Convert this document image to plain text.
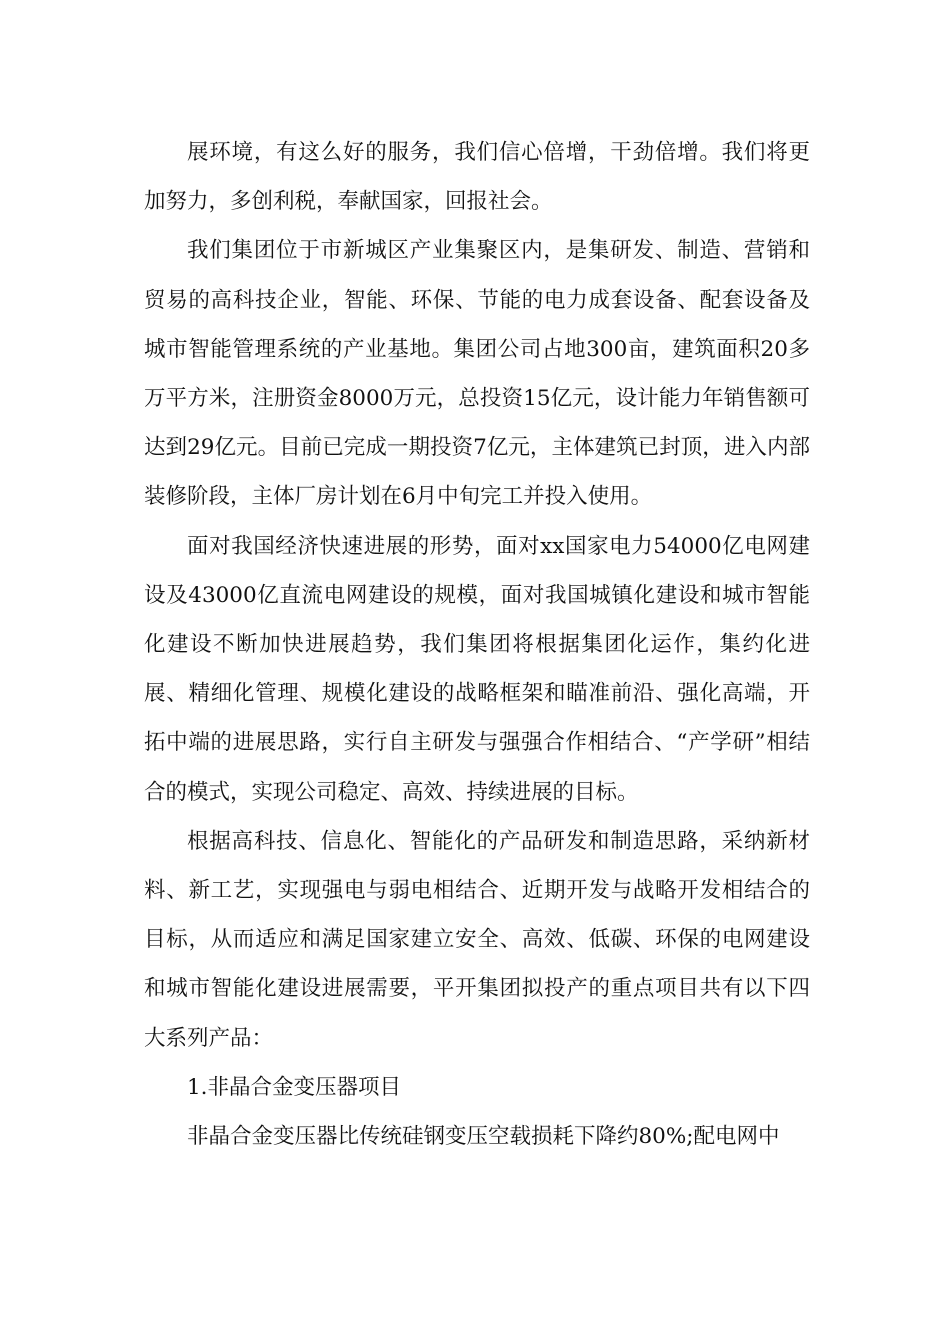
展环境，有这么好的服务，我们信心倍增，干劲倍增。我们将更加努力，多创利税，奉献国家，回报社会。

我们集团位于市新城区产业集聚区内，是集研发、制造、营销和贸易的高科技企业，智能、环保、节能的电力成套设备、配套设备及城市智能管理系统的产业基地。集团公司占地300亩，建筑面积20多万平方米，注册资金8000万元，总投资15亿元，设计能力年销售额可达到29亿元。目前已完成一期投资7亿元，主体建筑已封顶，进入内部装修阶段，主体厂房计划在6月中旬完工并投入使用。

面对我国经济快速进展的形势，面对xx国家电力54000亿电网建设及43000亿直流电网建设的规模，面对我国城镇化建设和城市智能化建设不断加快进展趋势，我们集团将根据集团化运作，集约化进展、精细化管理、规模化建设的战略框架和瞄准前沿、强化高端，开拓中端的进展思路，实行自主研发与强强合作相结合、“产学研”相结合的模式，实现公司稳定、高效、持续进展的目标。

根据高科技、信息化、智能化的产品研发和制造思路，采纳新材料、新工艺，实现强电与弱电相结合、近期开发与战略开发相结合的目标，从而适应和满足国家建立安全、高效、低碳、环保的电网建设和城市智能化建设进展需要，平开集团拟投产的重点项目共有以下四大系列产品：

1.非晶合金变压器项目

非晶合金变压器比传统硅钢变压空载损耗下降约80%;配电网中
